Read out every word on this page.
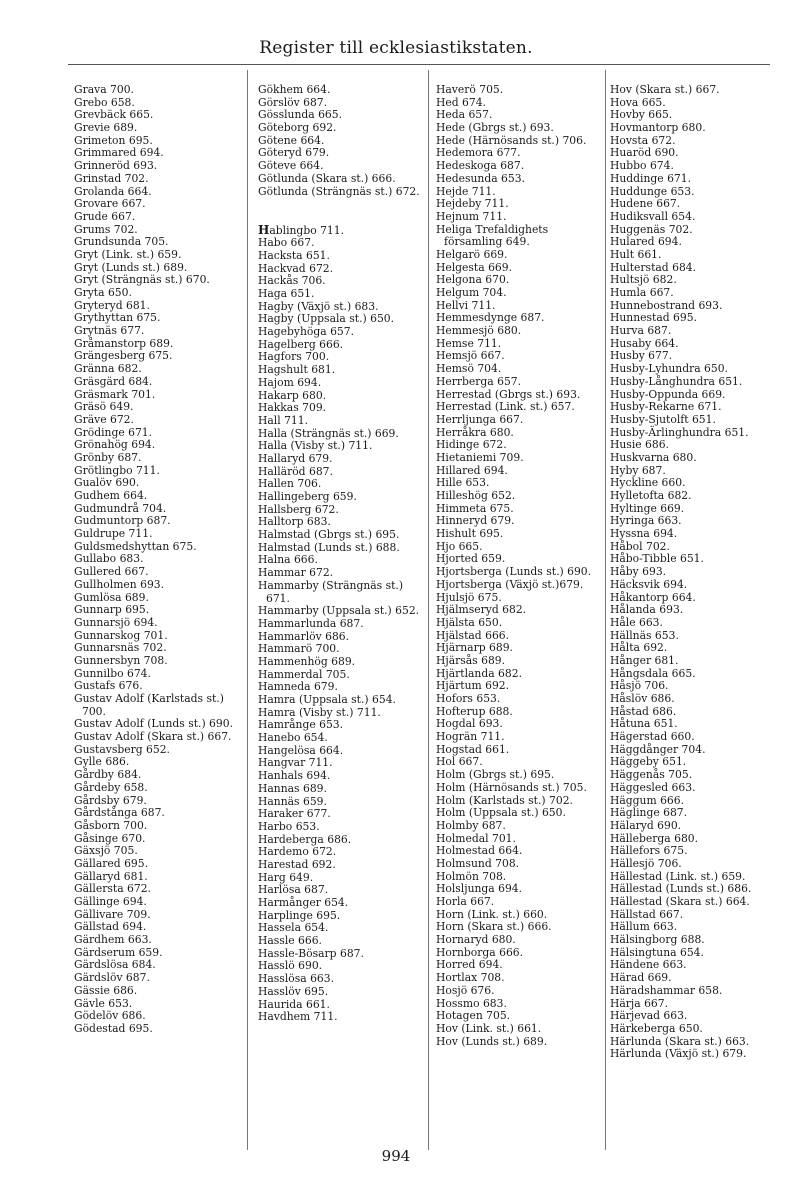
Register till ecklesiastikstaten.
Grava 700.
Grebo 658.
Grevbäck 665.
Grevie 689.
Grimeton 695.
Grimmared 694.
Grinneröd 693.
Grinstad 702.
Grolanda 664.
Grovare 667.
Grude 667.
Grums 702.
Grundsunda 705.
Gryt (Link. st.) 659.
Gryt (Lunds st.) 689.
Gryt (Strängnäs st.) 670.
Gryta 650.
Gryteryd 681.
Grythyttan 675.
Grytnäs 677.
Gråmanstorp 689.
Grängesberg 675.
Gränna 682.
Gräsgärd 684.
Gräsmark 701.
Gräsö 649.
Gräve 672.
Grödinge 671.
Grönahög 694.
Grönby 687.
Grötlingbo 711.
Gualöv 690.
Gudhem 664.
Gudmundrå 704.
Gudmuntorp 687.
Guldrupe 711.
Guldsmedshyttan 675.
Gullabo 683.
Gullered 667.
Gullholmen 693.
Gumlösa 689.
Gunnarp 695.
Gunnarsjö 694.
Gunnarskog 701.
Gunnarsnäs 702.
Gunnersbyn 708.
Gunnilbo 674.
Gustafs 676.
Gustav Adolf (Karlstads st.) 700.
Gustav Adolf (Lunds st.) 690.
Gustav Adolf (Skara st.) 667.
Gustavsberg 652.
Gylle 686.
Gårdby 684.
Gårdeby 658.
Gårdsby 679.
Gårdstånga 687.
Gåsborn 700.
Gåsinge 670.
Gäxsjö 705.
Gällared 695.
Gällaryd 681.
Gällersta 672.
Gällinge 694.
Gällivare 709.
Gällstad 694.
Gärdhem 663.
Gärdserum 659.
Gärdslösa 684.
Gärdslöv 687.
Gässie 686.
Gävle 653.
Gödelöv 686.
Gödestad 695.
Gökhem 664.
Görslöv 687.
Gösslunda 665.
Göteborg 692.
Götene 664.
Göteryd 679.
Göteve 664.
Götlunda (Skara st.) 666.
Götlunda (Strängnäs st.) 672.

Hablingbo 711.
Habo 667.
Hackstа 651.
Hackvad 672.
Hackås 706.
Haga 651.
Hagby (Växjö st.) 683.
Hagby (Uppsala st.) 650.
Hagebyhöga 657.
Hagelberg 666.
Hagfors 700.
Hagshult 681.
Hajom 694.
Hakarp 680.
Hakkas 709.
Hall 711.
Halla (Strängnäs st.) 669.
Halla (Visby st.) 711.
Hallaryd 679.
Halläröd 687.
Hallen 706.
Hallingeberg 659.
Hallsberg 672.
Halltorp 683.
Halmstad (Gbrgs st.) 695.
Halmstad (Lunds st.) 688.
Halna 666.
Hammar 672.
Hammarby (Strängnäs st.) 671.
Hammarby (Uppsala st.) 652.
Hammarlunda 687.
Hammarlöv 686.
Hammarö 700.
Hammenhög 689.
Hammerdal 705.
Hamneda 679.
Hamra (Uppsala st.) 654.
Hamra (Visby st.) 711.
Hamrånge 653.
Hanebo 654.
Hangelösa 664.
Hangvar 711.
Hanhals 694.
Hannas 689.
Hannäs 659.
Haraker 677.
Harbo 653.
Hardeberga 686.
Hardemo 672.
Harestad 692.
Harg 649.
Harlösa 687.
Harmånger 654.
Harplinge 695.
Hassela 654.
Hassle 666.
Hassle-Bösarp 687.
Hasslö 690.
Hasslösa 663.
Hasslöv 695.
Haurida 661.
Havdhem 711.
Haverö 705.
Hed 674.
Heda 657.
Hede (Gbrgs st.) 693.
Hede (Härnösands st.) 706.
Hedemora 677.
Hedeskoga 687.
Hedesunda 653.
Hejde 711.
Hejdeby 711.
Hejnum 711.
Heliga Trefaldighets församling 649.
Helgarö 669.
Helgesta 669.
Helgona 670.
Helgum 704.
Hellvi 711.
Hemmesdynge 687.
Hemmesjö 680.
Hemse 711.
Hemsjö 667.
Hemsö 704.
Herrberga 657.
Herrestad (Gbrgs st.) 693.
Herrestad (Link. st.) 657.
Herrljunga 667.
Herråkra 680.
Hidinge 672.
Hietaniemi 709.
Hillared 694.
Hille 653.
Hilleshög 652.
Himmeta 675.
Hinneryd 679.
Hishult 695.
Hjo 665.
Hjorted 659.
Hjortsberga (Lunds st.) 690.
Hjortsberga (Växjö st.)679.
Hjulsjö 675.
Hjälmseryd 682.
Hjälsta 650.
Hjälstad 666.
Hjärnarp 689.
Hjärsås 689.
Hjärtlanda 682.
Hjärtum 692.
Hofors 653.
Hofterup 688.
Hogdal 693.
Hogrän 711.
Hogstad 661.
Hol 667.
Holm (Gbrgs st.) 695.
Holm (Härnösands st.) 705.
Holm (Karlstads st.) 702.
Holm (Uppsala st.) 650.
Holmby 687.
Holmedal 701.
Holmestad 664.
Holmsund 708.
Holmön 708.
Holsljunga 694.
Horla 667.
Horn (Link. st.) 660.
Horn (Skara st.) 666.
Hornaryd 680.
Hornborga 666.
Horred 694.
Hortlax 708.
Hosjö 676.
Hossmo 683.
Hotagen 705.
Hov (Link. st.) 661.
Hov (Lunds st.) 689.
Hov (Skara st.) 667.
Hova 665.
Hovby 665.
Hovmantorp 680.
Hovsta 672.
Huaröd 690.
Hubbo 674.
Huddinge 671.
Huddunge 653.
Hudene 667.
Hudiksvall 654.
Huggenäs 702.
Hulared 694.
Hult 661.
Hulterstad 684.
Hultsjö 682.
Humla 667.
Hunnebostrand 693.
Hunnestad 695.
Hurva 687.
Husaby 664.
Husby 677.
Husby-Lyhundra 650.
Husby-Långhundra 651.
Husby-Oppunda 669.
Husby-Rekarne 671.
Husby-Sjutolft 651.
Husby-Ärlinghundra 651.
Husie 686.
Huskvarna 680.
Hyby 687.
Hyckline 660.
Hylletofta 682.
Hyltinge 669.
Hyringa 663.
Hyssna 694.
Håbol 702.
Håbo-Tibble 651.
Håby 693.
Häcksvik 694.
Håkantorp 664.
Hålanda 693.
Håle 663.
Hällnäs 653.
Hålta 692.
Hånger 681.
Hångsdala 665.
Håsjö 706.
Håslöv 686.
Håstad 686.
Håtuna 651.
Hägerstad 660.
Häggdånger 704.
Häggeby 651.
Häggenås 705.
Häggesled 663.
Häggum 666.
Häglinge 687.
Hälaryd 690.
Hälleberga 680.
Hällefors 675.
Hällesjö 706.
Hällestad (Link. st.) 659.
Hällestad (Lunds st.) 686.
Hällestad (Skara st.) 664.
Hällstad 667.
Hällum 663.
Hälsingborg 688.
Hälsingtuna 654.
Händene 663.
Härad 669.
Häradshammar 658.
Härja 667.
Härjevad 663.
Härkeberga 650.
Härlunda (Skara st.) 663.
Härlunda (Växjö st.) 679.
994
